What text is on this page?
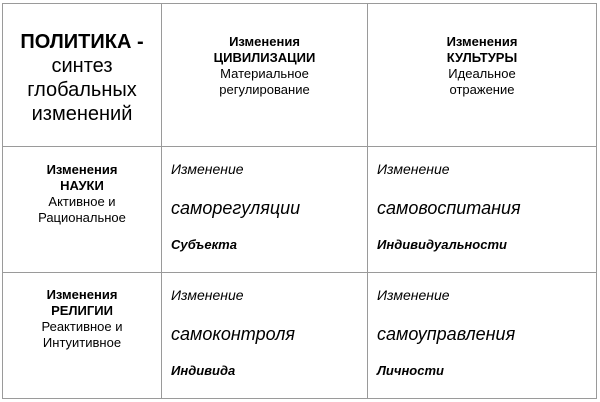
ПОЛИТИКА -
синтез
глобальных
изменений	Изменения
ЦИВИЛИЗАЦИИ
Материальное
регулирование	Изменения
КУЛЬТУРЫ
Идеальное
отражение

Изменения
НАУКИ
Активное и
Рациональное	Изменение
саморегуляции
Субъекта	Изменение
самовоспитания
Индивидуальности

Изменения
РЕЛИГИИ
Реактивное и
Интуитивное	Изменение
самоконтроля
Индивида	Изменение
самоуправления
Личности
